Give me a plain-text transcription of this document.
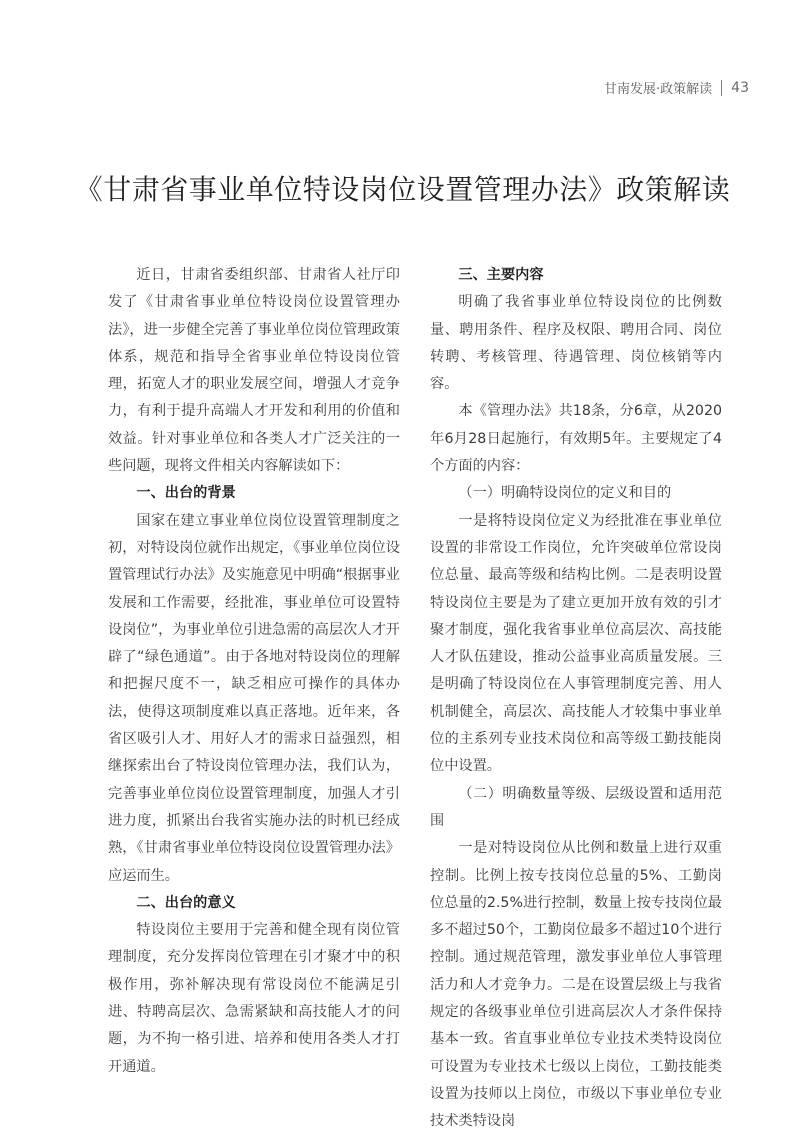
甘南发展·政策解读 43
《甘肃省事业单位特设岗位设置管理办法》政策解读

近日，甘肃省委组织部、甘肃省人社厅印发了《甘肃省事业单位特设岗位设置管理办法》，进一步健全完善了事业单位岗位管理政策体系，规范和指导全省事业单位特设岗位管理，拓宽人才的职业发展空间，增强人才竞争力，有利于提升高端人才开发和利用的价值和效益。针对事业单位和各类人才广泛关注的一些问题，现将文件相关内容解读如下：

一、出台的背景

国家在建立事业单位岗位设置管理制度之初，对特设岗位就作出规定，《事业单位岗位设置管理试行办法》及实施意见中明确“根据事业发展和工作需要，经批准，事业单位可设置特设岗位”，为事业单位引进急需的高层次人才开辟了“绿色通道”。由于各地对特设岗位的理解和把握尺度不一，缺乏相应可操作的具体办法，使得这项制度难以真正落地。近年来，各省区吸引人才、用好人才的需求日益强烈，相继探索出台了特设岗位管理办法，我们认为，完善事业单位岗位设置管理制度，加强人才引进力度，抓紧出台我省实施办法的时机已经成熟，《甘肃省事业单位特设岗位设置管理办法》应运而生。

二、出台的意义

特设岗位主要用于完善和健全现有岗位管理制度，充分发挥岗位管理在引才聚才中的积极作用，弥补解决现有常设岗位不能满足引进、特聘高层次、急需紧缺和高技能人才的问题，为不拘一格引进、培养和使用各类人才打开通道。

三、主要内容

明确了我省事业单位特设岗位的比例数量、聘用条件、程序及权限、聘用合同、岗位转聘、考核管理、待遇管理、岗位核销等内容。

本《管理办法》共18条，分6章，从2020年6月28日起施行，有效期5年。主要规定了4个方面的内容：

（一）明确特设岗位的定义和目的

一是将特设岗位定义为经批准在事业单位设置的非常设工作岗位，允许突破单位常设岗位总量、最高等级和结构比例。二是表明设置特设岗位主要是为了建立更加开放有效的引才聚才制度，强化我省事业单位高层次、高技能人才队伍建设，推动公益事业高质量发展。三是明确了特设岗位在人事管理制度完善、用人机制健全，高层次、高技能人才较集中事业单位的主系列专业技术岗位和高等级工勤技能岗位中设置。

（二）明确数量等级、层级设置和适用范围

一是对特设岗位从比例和数量上进行双重控制。比例上按专技岗位总量的5%、工勤岗位总量的2.5%进行控制，数量上按专技岗位最多不超过50个，工勤岗位最多不超过10个进行控制。通过规范管理，激发事业单位人事管理活力和人才竞争力。二是在设置层级上与我省规定的各级事业单位引进高层次人才条件保持基本一致。省直事业单位专业技术类特设岗位可设置为专业技术七级以上岗位，工勤技能类设置为技师以上岗位，市级以下事业单位专业技术类特设岗
